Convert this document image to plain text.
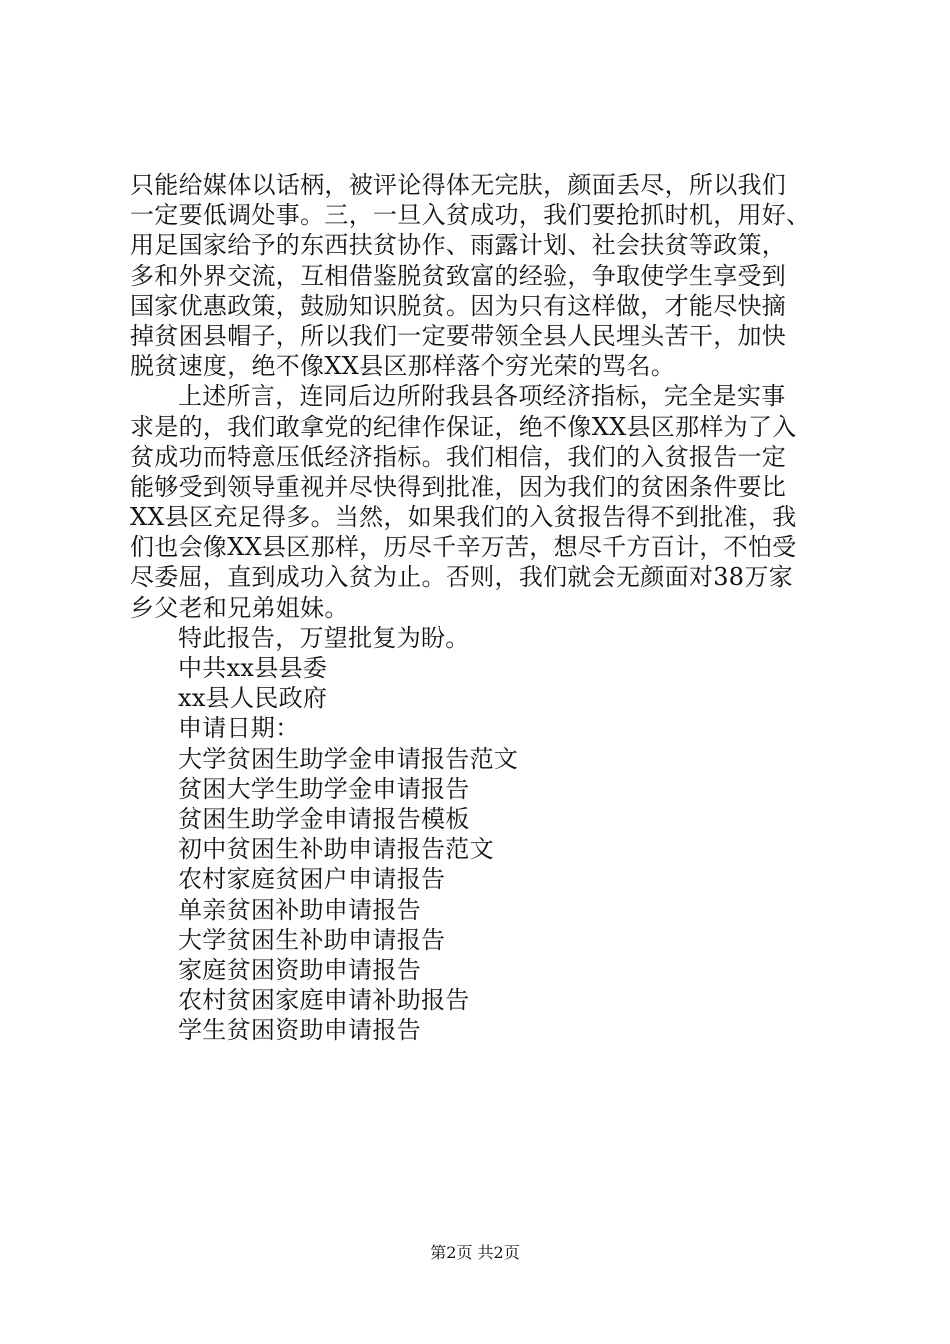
只能给媒体以话柄，被评论得体无完肤，颜面丢尽，所以我们
一定要低调处事。三，一旦入贫成功，我们要抢抓时机，用好、
用足国家给予的东西扶贫协作、雨露计划、社会扶贫等政策，
多和外界交流，互相借鉴脱贫致富的经验，争取使学生享受到
国家优惠政策，鼓励知识脱贫。因为只有这样做，才能尽快摘
掉贫困县帽子，所以我们一定要带领全县人民埋头苦干，加快
脱贫速度，绝不像XX县区那样落个穷光荣的骂名。
上述所言，连同后边所附我县各项经济指标，完全是实事
求是的，我们敢拿党的纪律作保证，绝不像XX县区那样为了入
贫成功而特意压低经济指标。我们相信，我们的入贫报告一定
能够受到领导重视并尽快得到批准，因为我们的贫困条件要比
XX县区充足得多。当然，如果我们的入贫报告得不到批准，我
们也会像XX县区那样，历尽千辛万苦，想尽千方百计，不怕受
尽委屈，直到成功入贫为止。否则，我们就会无颜面对38万家
乡父老和兄弟姐妹。
特此报告，万望批复为盼。
中共xx县县委
xx县人民政府
申请日期：
大学贫困生助学金申请报告范文
贫困大学生助学金申请报告
贫困生助学金申请报告模板
初中贫困生补助申请报告范文
农村家庭贫困户申请报告
单亲贫困补助申请报告
大学贫困生补助申请报告
家庭贫困资助申请报告
农村贫困家庭申请补助报告
学生贫困资助申请报告
第2页 共2页
